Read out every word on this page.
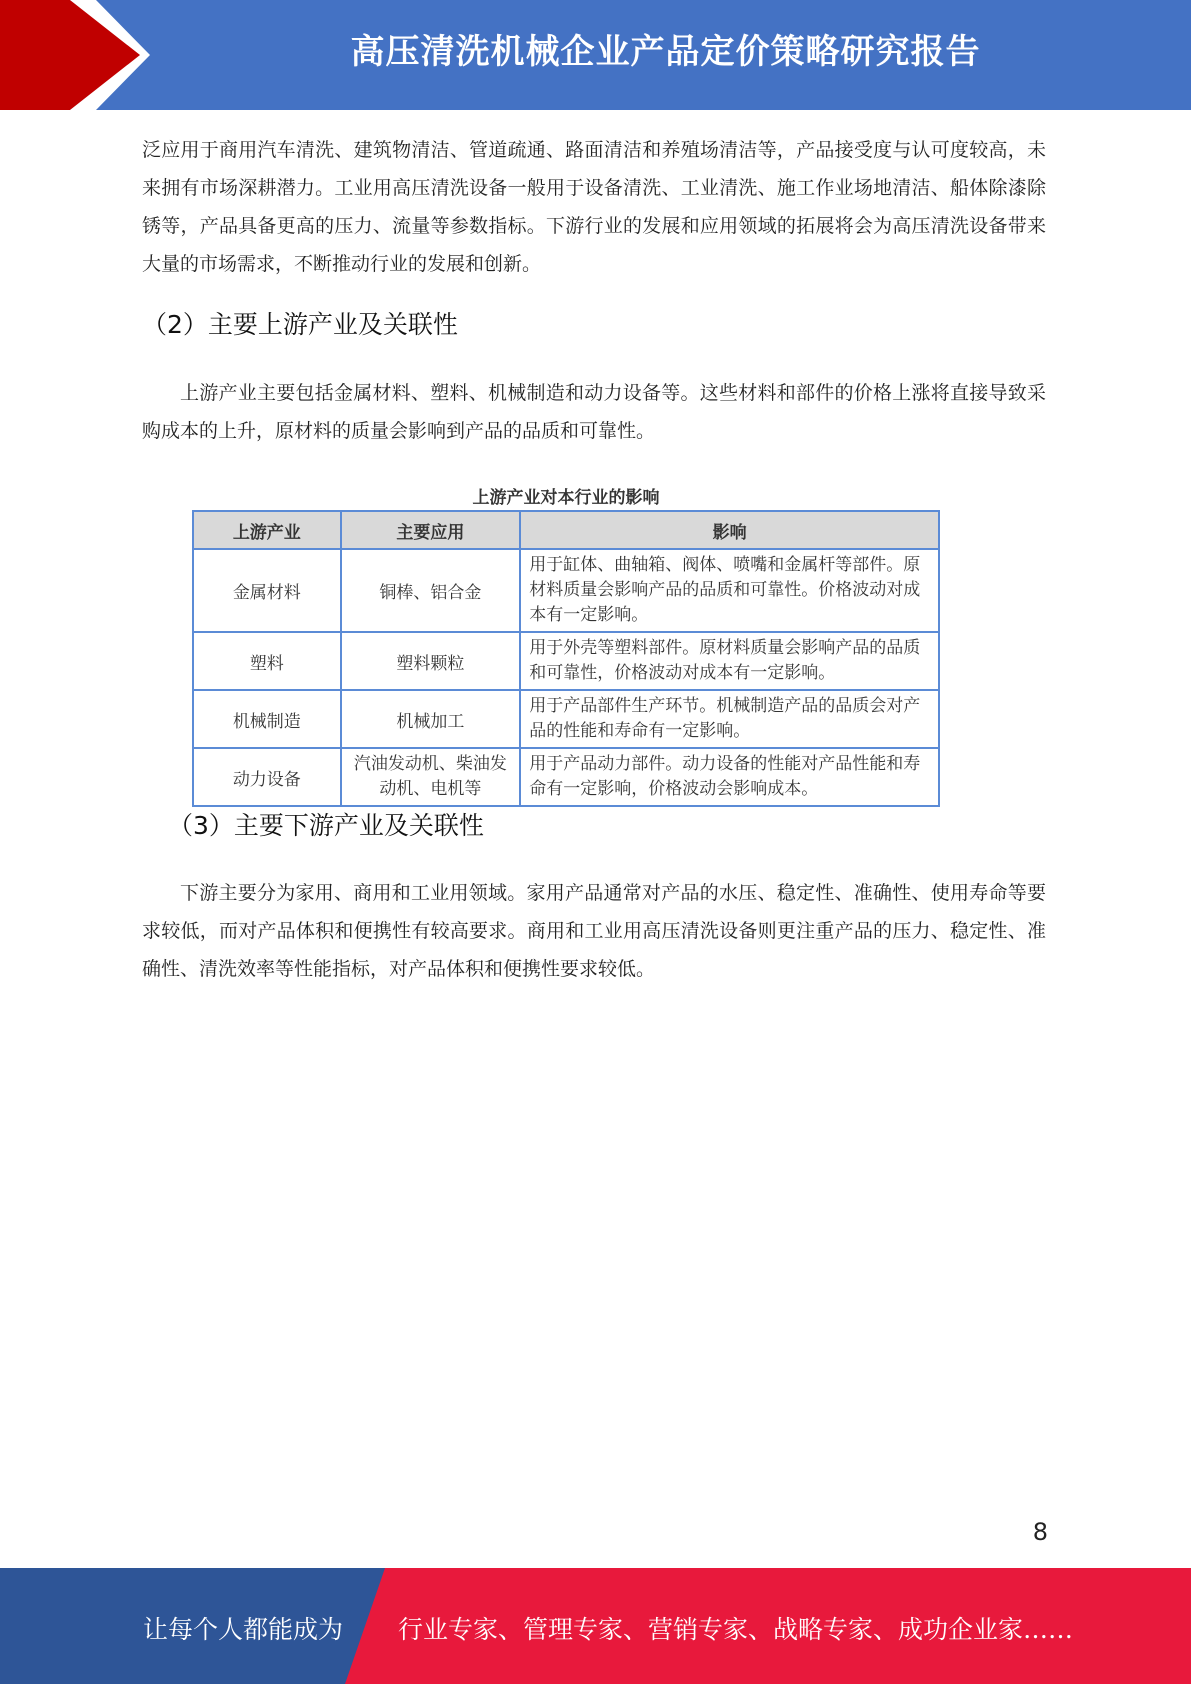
高压清洗机械企业产品定价策略研究报告

泛应用于商用汽车清洗、建筑物清洁、管道疏通、路面清洁和养殖场清洁等，产品接受度与认可度较高，未来拥有市场深耕潜力。工业用高压清洗设备一般用于设备清洗、工业清洗、施工作业场地清洁、船体除漆除锈等，产品具备更高的压力、流量等参数指标。下游行业的发展和应用领域的拓展将会为高压清洗设备带来大量的市场需求，不断推动行业的发展和创新。

（2）主要上游产业及关联性

上游产业主要包括金属材料、塑料、机械制造和动力设备等。这些材料和部件的价格上涨将直接导致采购成本的上升，原材料的质量会影响到产品的品质和可靠性。

上游产业对本行业的影响
上游产业	主要应用	影响
金属材料	铜棒、铝合金	用于缸体、曲轴箱、阀体、喷嘴和金属杆等部件。原材料质量会影响产品的品质和可靠性。价格波动对成本有一定影响。
塑料	塑料颗粒	用于外壳等塑料部件。原材料质量会影响产品的品质和可靠性，价格波动对成本有一定影响。
机械制造	机械加工	用于产品部件生产环节。机械制造产品的品质会对产品的性能和寿命有一定影响。
动力设备	汽油发动机、柴油发动机、电机等	用于产品动力部件。动力设备的性能对产品性能和寿命有一定影响，价格波动会影响成本。

（3）主要下游产业及关联性

下游主要分为家用、商用和工业用领域。家用产品通常对产品的水压、稳定性、准确性、使用寿命等要求较低，而对产品体积和便携性有较高要求。商用和工业用高压清洗设备则更注重产品的压力、稳定性、准确性、清洗效率等性能指标，对产品体积和便携性要求较低。

8
让每个人都能成为 行业专家、管理专家、营销专家、战略专家、成功企业家……
